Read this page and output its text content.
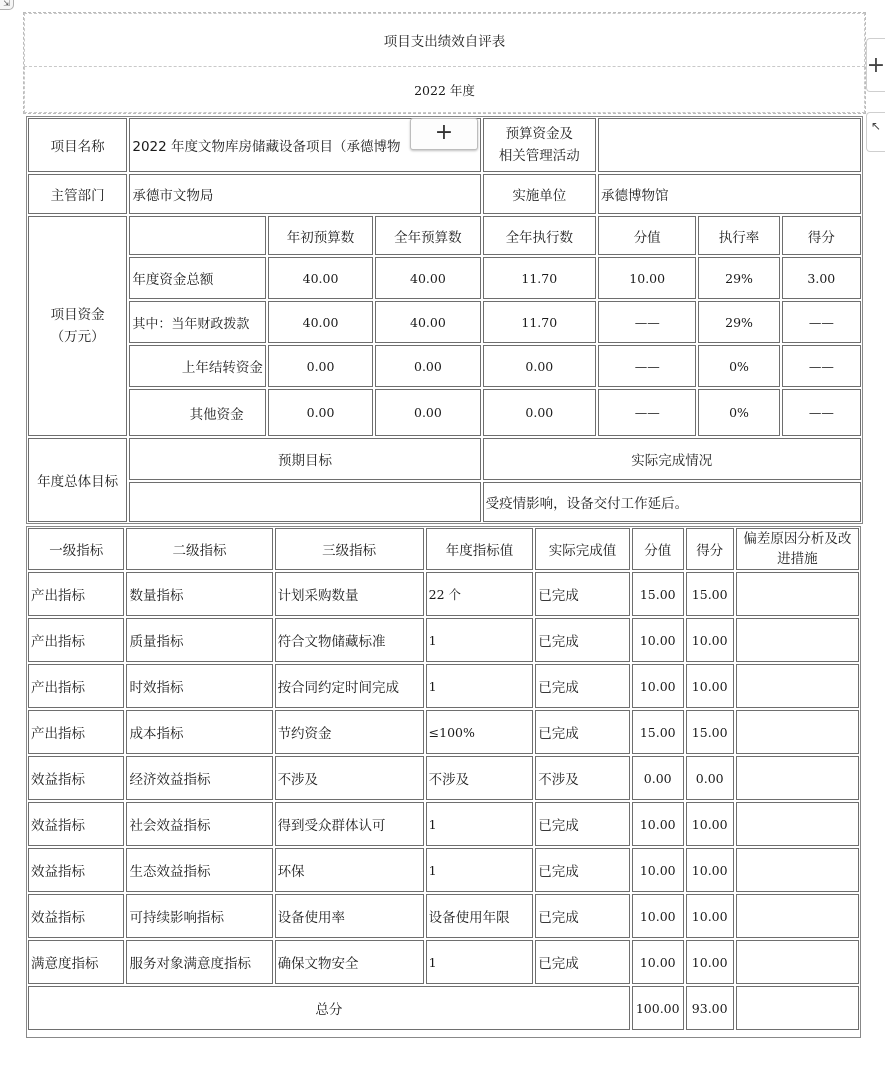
⇲
+
↖
项目支出绩效自评表
2022 年度
项目名称	2022 年度文物库房储藏设备项目（承德博物			预算资金及
相关管理活动			
主管部门	承德市文物局			实施单位	承德博物馆		
项目资金
（万元）		年初预算数	全年预算数	全年执行数	分值	执行率	得分
	年度资金总额	40.00	40.00	11.70	10.00	29%	3.00
	其中：当年财政拨款	40.00	40.00	11.70	——	29%	——
	上年结转资金	0.00	0.00	0.00	——	0%	——
	其他资金	0.00	0.00	0.00	——	0%	——
年度总体目标	预期目标			实际完成情况			
				受疫情影响，设备交付工作延后。			
+
一级指标	二级指标	三级指标	年度指标值	实际完成值	分值	得分	偏差原因分析及改进措施

产出指标	数量指标	计划采购数量	22 个	已完成	15.00	15.00	
产出指标	质量指标	符合文物储藏标准	1	已完成	10.00	10.00	
产出指标	时效指标	按合同约定时间完成	1	已完成	10.00	10.00	
产出指标	成本指标	节约资金	≤100%	已完成	15.00	15.00	
效益指标	经济效益指标	不涉及	不涉及	不涉及	0.00	0.00	
效益指标	社会效益指标	得到受众群体认可	1	已完成	10.00	10.00	
效益指标	生态效益指标	环保	1	已完成	10.00	10.00	
效益指标	可持续影响指标	设备使用率	设备使用年限	已完成	10.00	10.00	
满意度指标	服务对象满意度指标	确保文物安全	1	已完成	10.00	10.00	
总分					100.00	93.00	
